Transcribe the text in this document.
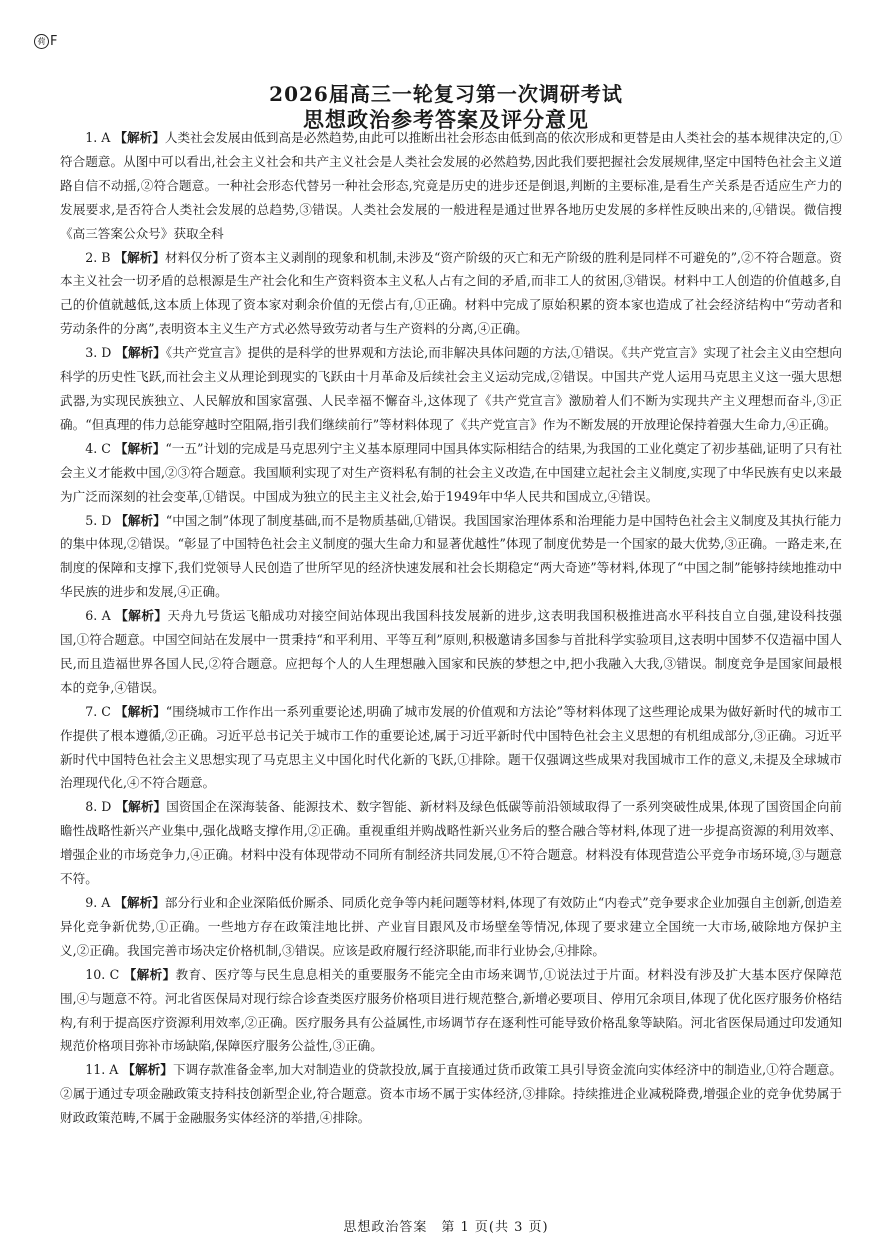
荷 F
2026届高三一轮复习第一次调研考试
思想政治参考答案及评分意见

1. A 【解析】人类社会发展由低到高是必然趋势,由此可以推断出社会形态由低到高的依次形成和更替是由人类社会的基本规律决定的,①符合题意。从图中可以看出,社会主义社会和共产主义社会是人类社会发展的必然趋势,因此我们要把握社会发展规律,坚定中国特色社会主义道路自信不动摇,②符合题意。一种社会形态代替另一种社会形态,究竟是历史的进步还是倒退,判断的主要标准,是看生产关系是否适应生产力的发展要求,是否符合人类社会发展的总趋势,③错误。人类社会发展的一般进程是通过世界各地历史发展的多样性反映出来的,④错误。微信搜《高三答案公众号》获取全科

2. B 【解析】材料仅分析了资本主义剥削的现象和机制,未涉及“资产阶级的灭亡和无产阶级的胜利是同样不可避免的”,②不符合题意。资本主义社会一切矛盾的总根源是生产社会化和生产资料资本主义私人占有之间的矛盾,而非工人的贫困,③错误。材料中工人创造的价值越多,自己的价值就越低,这本质上体现了资本家对剩余价值的无偿占有,①正确。材料中完成了原始积累的资本家也造成了社会经济结构中“劳动者和劳动条件的分离”,表明资本主义生产方式必然导致劳动者与生产资料的分离,④正确。

3. D 【解析】《共产党宣言》提供的是科学的世界观和方法论,而非解决具体问题的方法,①错误。《共产党宣言》实现了社会主义由空想向科学的历史性飞跃,而社会主义从理论到现实的飞跃由十月革命及后续社会主义运动完成,②错误。中国共产党人运用马克思主义这一强大思想武器,为实现民族独立、人民解放和国家富强、人民幸福不懈奋斗,这体现了《共产党宣言》激励着人们不断为实现共产主义理想而奋斗,③正确。“但真理的伟力总能穿越时空阻隔,指引我们继续前行”等材料体现了《共产党宣言》作为不断发展的开放理论保持着强大生命力,④正确。

4. C 【解析】“一五”计划的完成是马克思列宁主义基本原理同中国具体实际相结合的结果,为我国的工业化奠定了初步基础,证明了只有社会主义才能救中国,②③符合题意。我国顺利实现了对生产资料私有制的社会主义改造,在中国建立起社会主义制度,实现了中华民族有史以来最为广泛而深刻的社会变革,①错误。中国成为独立的民主主义社会,始于1949年中华人民共和国成立,④错误。

5. D 【解析】“中国之制”体现了制度基础,而不是物质基础,①错误。我国国家治理体系和治理能力是中国特色社会主义制度及其执行能力的集中体现,②错误。“彰显了中国特色社会主义制度的强大生命力和显著优越性”体现了制度优势是一个国家的最大优势,③正确。一路走来,在制度的保障和支撑下,我们党领导人民创造了世所罕见的经济快速发展和社会长期稳定“两大奇迹”等材料,体现了“中国之制”能够持续地推动中华民族的进步和发展,④正确。

6. A 【解析】天舟九号货运飞船成功对接空间站体现出我国科技发展新的进步,这表明我国积极推进高水平科技自立自强,建设科技强国,①符合题意。中国空间站在发展中一贯秉持“和平利用、平等互利”原则,积极邀请多国参与首批科学实验项目,这表明中国梦不仅造福中国人民,而且造福世界各国人民,②符合题意。应把每个人的人生理想融入国家和民族的梦想之中,把小我融入大我,③错误。制度竞争是国家间最根本的竞争,④错误。

7. C 【解析】“围绕城市工作作出一系列重要论述,明确了城市发展的价值观和方法论”等材料体现了这些理论成果为做好新时代的城市工作提供了根本遵循,②正确。习近平总书记关于城市工作的重要论述,属于习近平新时代中国特色社会主义思想的有机组成部分,③正确。习近平新时代中国特色社会主义思想实现了马克思主义中国化时代化新的飞跃,①排除。题干仅强调这些成果对我国城市工作的意义,未提及全球城市治理现代化,④不符合题意。

8. D 【解析】国资国企在深海装备、能源技术、数字智能、新材料及绿色低碳等前沿领域取得了一系列突破性成果,体现了国资国企向前瞻性战略性新兴产业集中,强化战略支撑作用,②正确。重视重组并购战略性新兴业务后的整合融合等材料,体现了进一步提高资源的利用效率、增强企业的市场竞争力,④正确。材料中没有体现带动不同所有制经济共同发展,①不符合题意。材料没有体现营造公平竞争市场环境,③与题意不符。

9. A 【解析】部分行业和企业深陷低价厮杀、同质化竞争等内耗问题等材料,体现了有效防止“内卷式”竞争要求企业加强自主创新,创造差异化竞争新优势,①正确。一些地方存在政策洼地比拼、产业盲目跟风及市场壁垒等情况,体现了要求建立全国统一大市场,破除地方保护主义,②正确。我国完善市场决定价格机制,③错误。应该是政府履行经济职能,而非行业协会,④排除。

10. C 【解析】教育、医疗等与民生息息相关的重要服务不能完全由市场来调节,①说法过于片面。材料没有涉及扩大基本医疗保障范围,④与题意不符。河北省医保局对现行综合诊查类医疗服务价格项目进行规范整合,新增必要项目、停用冗余项目,体现了优化医疗服务价格结构,有利于提高医疗资源利用效率,②正确。医疗服务具有公益属性,市场调节存在逐利性可能导致价格乱象等缺陷。河北省医保局通过印发通知规范价格项目弥补市场缺陷,保障医疗服务公益性,③正确。

11. A 【解析】下调存款准备金率,加大对制造业的贷款投放,属于直接通过货币政策工具引导资金流向实体经济中的制造业,①符合题意。②属于通过专项金融政策支持科技创新型企业,符合题意。资本市场不属于实体经济,③排除。持续推进企业减税降费,增强企业的竞争优势属于财政政策范畴,不属于金融服务实体经济的举措,④排除。

思想政治答案　第 1 页(共 3 页)
